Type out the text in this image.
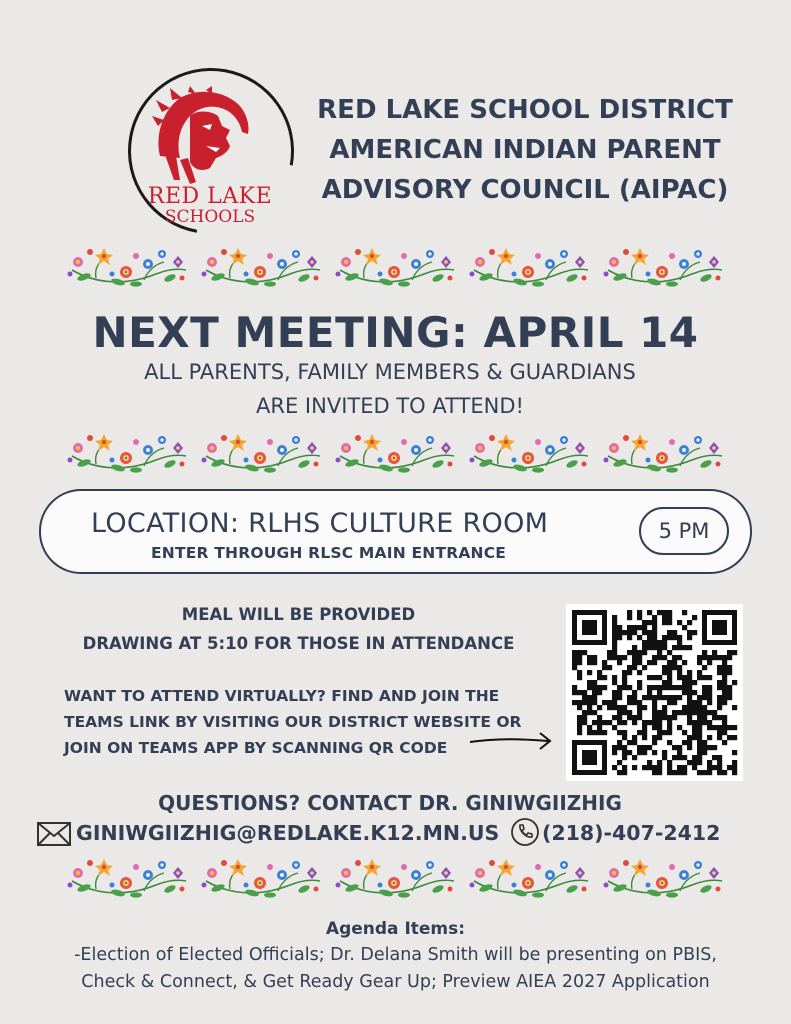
RED LAKE
SCHOOLS
RED LAKE SCHOOL DISTRICT
AMERICAN INDIAN PARENT
ADVISORY COUNCIL (AIPAC)
NEXT MEETING: APRIL 14
ALL PARENTS, FAMILY MEMBERS & GUARDIANS
ARE INVITED TO ATTEND!
LOCATION: RLHS CULTURE ROOM
ENTER THROUGH RLSC MAIN ENTRANCE
5 PM
MEAL WILL BE PROVIDED
DRAWING AT 5:10 FOR THOSE IN ATTENDANCE
WANT TO ATTEND VIRTUALLY? FIND AND JOIN THE
TEAMS LINK BY VISITING OUR DISTRICT WEBSITE OR
JOIN ON TEAMS APP BY SCANNING QR CODE
QUESTIONS? CONTACT DR. GINIWGIIZHIG
GINIWGIIZHIG@REDLAKE.K12.MN.US (218)-407-2412
Agenda Items:
-Election of Elected Officials; Dr. Delana Smith will be presenting on PBIS,
Check & Connect, & Get Ready Gear Up; Preview AIEA 2027 Application
